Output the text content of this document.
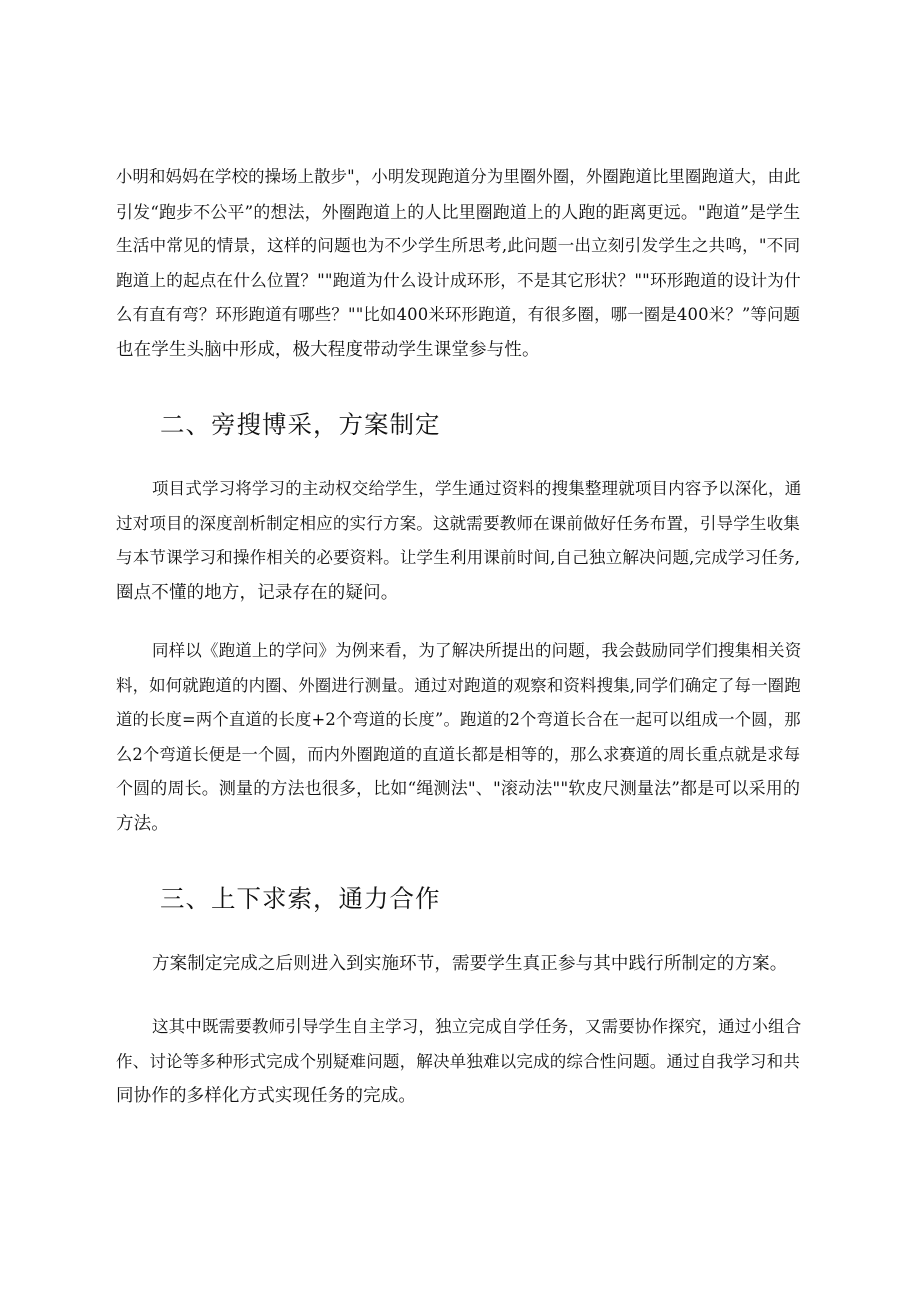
小明和妈妈在学校的操场上散步"，小明发现跑道分为里圈外圈，外圈跑道比里圈跑道大，由此
引发“跑步不公平”的想法，外圈跑道上的人比里圈跑道上的人跑的距离更远。"跑道”是学生
生活中常见的情景，这样的问题也为不少学生所思考,此问题一出立刻引发学生之共鸣，"不同
跑道上的起点在什么位置？""跑道为什么设计成环形，不是其它形状？""环形跑道的设计为什
么有直有弯？环形跑道有哪些？""比如400米环形跑道，有很多圈，哪一圈是400米？”等问题
也在学生头脑中形成，极大程度带动学生课堂参与性。

二、旁搜博采，方案制定

项目式学习将学习的主动权交给学生，学生通过资料的搜集整理就项目内容予以深化，通
过对项目的深度剖析制定相应的实行方案。这就需要教师在课前做好任务布置，引导学生收集
与本节课学习和操作相关的必要资料。让学生利用课前时间,自己独立解决问题,完成学习任务,
圈点不懂的地方，记录存在的疑问。

同样以《跑道上的学问》为例来看，为了解决所提出的问题，我会鼓励同学们搜集相关资
料，如何就跑道的内圈、外圈进行测量。通过对跑道的观察和资料搜集,同学们确定了每一圈跑
道的长度=两个直道的长度+2个弯道的长度”。跑道的2个弯道长合在一起可以组成一个圆，那
么2个弯道长便是一个圆，而内外圈跑道的直道长都是相等的，那么求赛道的周长重点就是求每
个圆的周长。测量的方法也很多，比如“绳测法"、"滚动法""软皮尺测量法”都是可以采用的
方法。

三、上下求索，通力合作

方案制定完成之后则进入到实施环节，需要学生真正参与其中践行所制定的方案。

这其中既需要教师引导学生自主学习，独立完成自学任务，又需要协作探究，通过小组合
作、讨论等多种形式完成个别疑难问题，解决单独难以完成的综合性问题。通过自我学习和共
同协作的多样化方式实现任务的完成。
